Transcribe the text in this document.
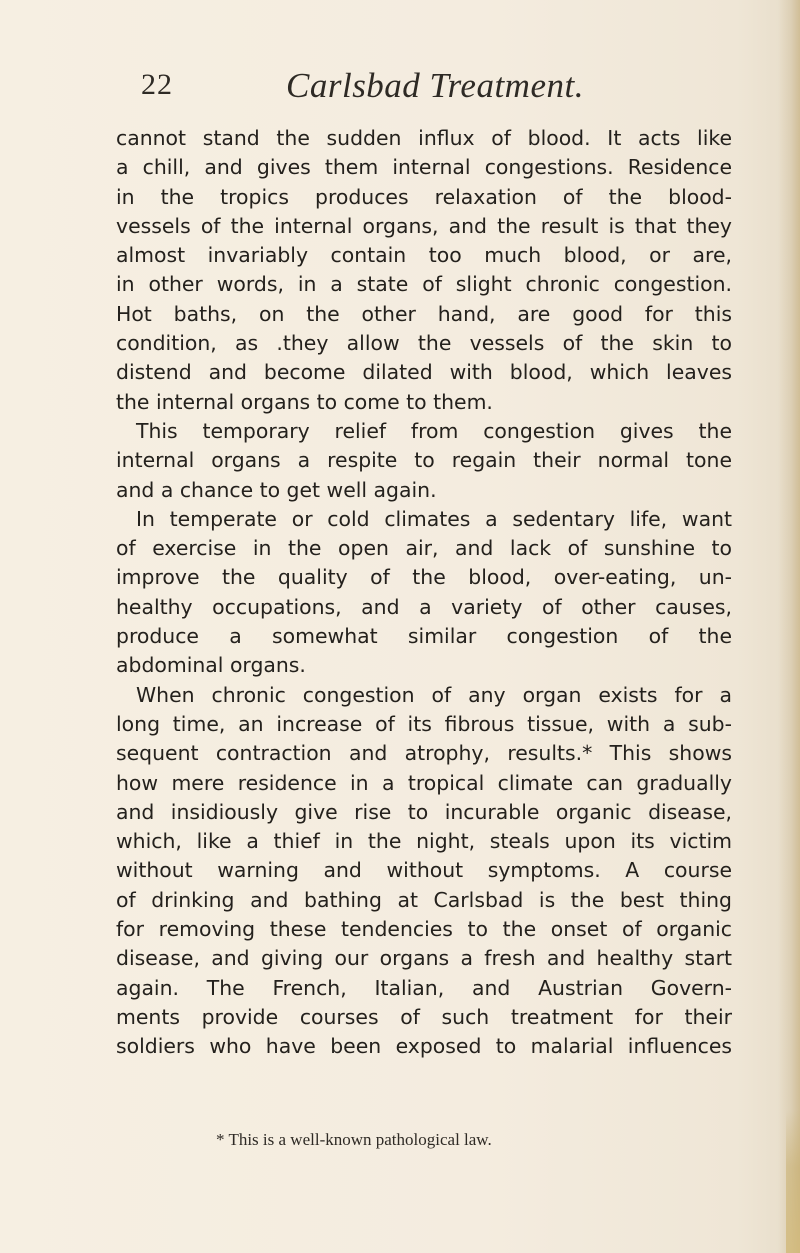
22	Carlsbad Treatment.
cannot stand the sudden influx of blood. It acts like
a chill, and gives them internal congestions. Residence
in the tropics produces relaxation of the blood-
vessels of the internal organs, and the result is that they
almost invariably contain too much blood, or are,
in other words, in a state of slight chronic congestion.
Hot baths, on the other hand, are good for this
condition, as .they allow the vessels of the skin to
distend and become dilated with blood, which leaves
the internal organs to come to them.
This temporary relief from congestion gives the
internal organs a respite to regain their normal tone
and a chance to get well again.
In temperate or cold climates a sedentary life, want
of exercise in the open air, and lack of sunshine to
improve the quality of the blood, over-eating, un-
healthy occupations, and a variety of other causes,
produce a somewhat similar congestion of the
abdominal organs.
When chronic congestion of any organ exists for a
long time, an increase of its fibrous tissue, with a sub-
sequent contraction and atrophy, results.* This shows
how mere residence in a tropical climate can gradually
and insidiously give rise to incurable organic disease,
which, like a thief in the night, steals upon its victim
without warning and without symptoms. A course
of drinking and bathing at Carlsbad is the best thing
for removing these tendencies to the onset of organic
disease, and giving our organs a fresh and healthy start
again. The French, Italian, and Austrian Govern-
ments provide courses of such treatment for their
soldiers who have been exposed to malarial influences
* This is a well-known pathological law.
